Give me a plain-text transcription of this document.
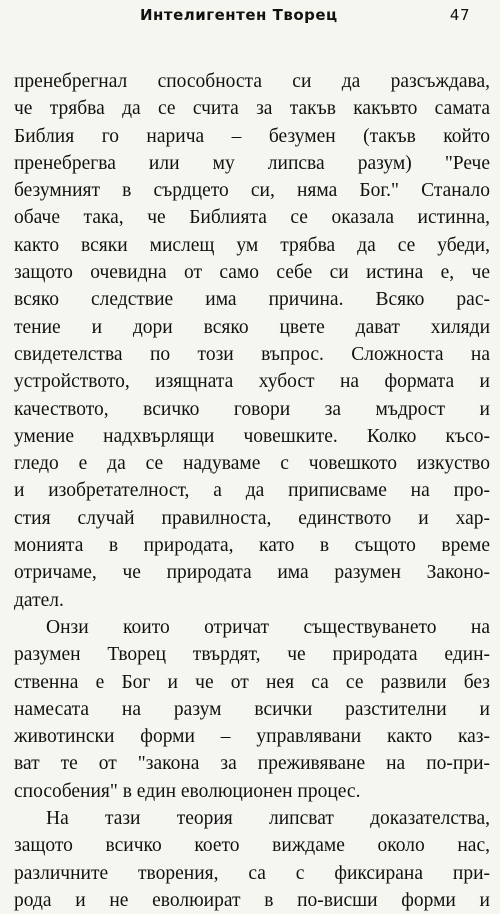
Интелигентен Творец	47
пренебрегнал способноста си да разсъждава,
че трябва да се счита за такъв какъвто самата
Библия го нарича – безумен (такъв който
пренебрегва или му липсва разум) "Рече
безумният в сърдцето си, няма Бог." Станало
обаче така, че Библията се оказала истинна,
както всяки мислещ ум трябва да се убеди,
защото очевидна от само себе си истина е, че
всяко следствие има причина. Всяко рас-
тение и дори всяко цвете дават хиляди
свидетелства по този въпрос. Сложноста на
устройството, изящната хубост на формата и
качеството, всичко говори за мъдрост и
умение надхвърлящи човешките. Колко късо-
гледо е да се надуваме с човешкото изкуство
и изобретателност, а да приписваме на про-
стия случай правилноста, единството и хар-
монията в природата, като в същото време
отричаме, че природата има разумен Законо-
дател.
Онзи които отричат съществуването на
разумен Творец твърдят, че природата един-
ственна е Бог и че от нея са се развили без
намесата на разум всички разстителни и
животински форми – управлявани както каз-
ват те от "закона за преживяване на по-при-
способения" в един еволюционен процес.
На тази теория липсват доказателства,
защото всичко което виждаме около нас,
различните творения, са с фиксирана при-
рода и не еволюират в по-висши форми и
